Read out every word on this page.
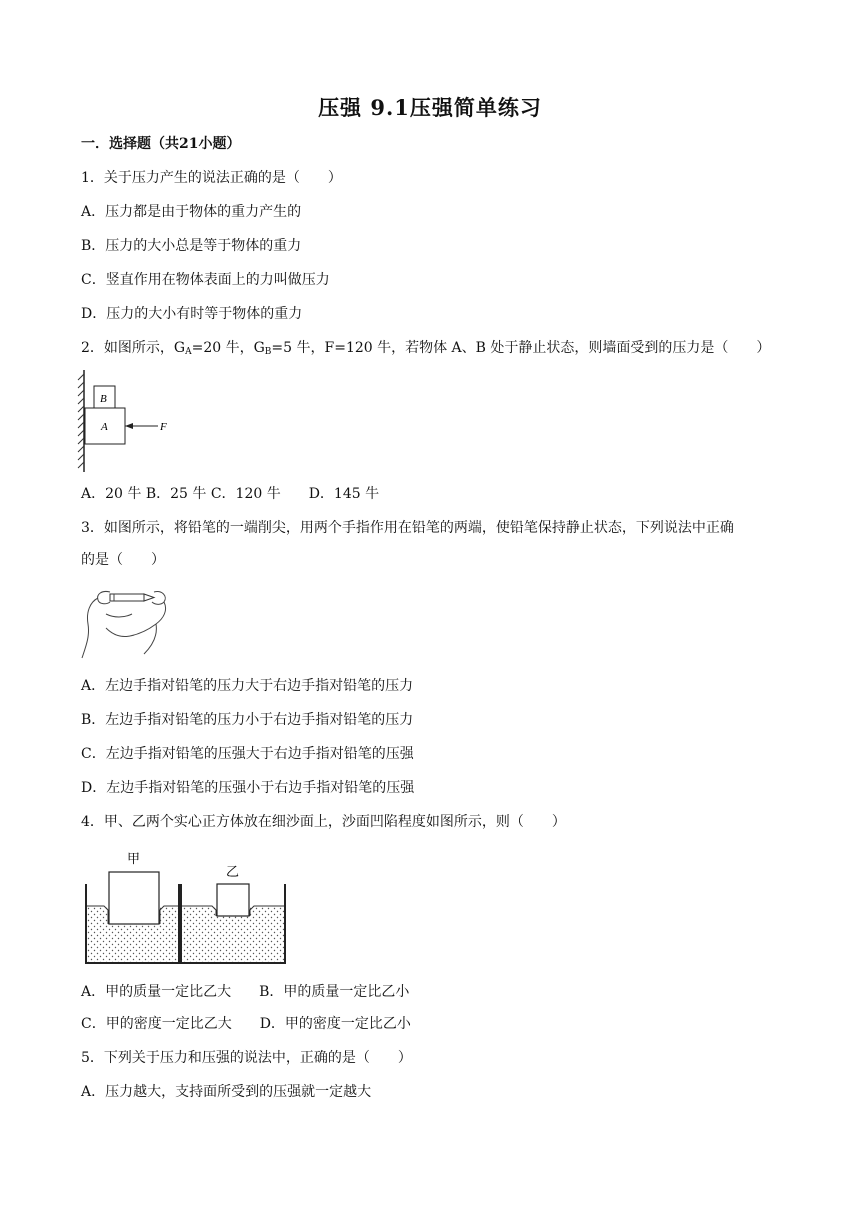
压强 9.1压强简单练习
一．选择题（共21小题）
1．关于压力产生的说法正确的是（　　）
A．压力都是由于物体的重力产生的
B．压力的大小总是等于物体的重力
C．竖直作用在物体表面上的力叫做压力
D．压力的大小有时等于物体的重力
2．如图所示，$G_A=20$ 牛，$G_B=5$ 牛，F=120 牛，若物体 A、B 处于静止状态，则墙面受到的压力是（　　）
B
A	F
A．20 牛 B．25 牛 C．120 牛　　D．145 牛
3．如图所示，将铅笔的一端削尖，用两个手指作用在铅笔的两端，使铅笔保持静止状态，下列说法中正确
的是（　　）
A．左边手指对铅笔的压力大于右边手指对铅笔的压力
B．左边手指对铅笔的压力小于右边手指对铅笔的压力
C．左边手指对铅笔的压强大于右边手指对铅笔的压强
D．左边手指对铅笔的压强小于右边手指对铅笔的压强
4．甲、乙两个实心正方体放在细沙面上，沙面凹陷程度如图所示，则（　　）
甲
乙
A．甲的质量一定比乙大　　B．甲的质量一定比乙小
C．甲的密度一定比乙大　　D．甲的密度一定比乙小
5．下列关于压力和压强的说法中，正确的是（　　）
A．压力越大，支持面所受到的压强就一定越大
